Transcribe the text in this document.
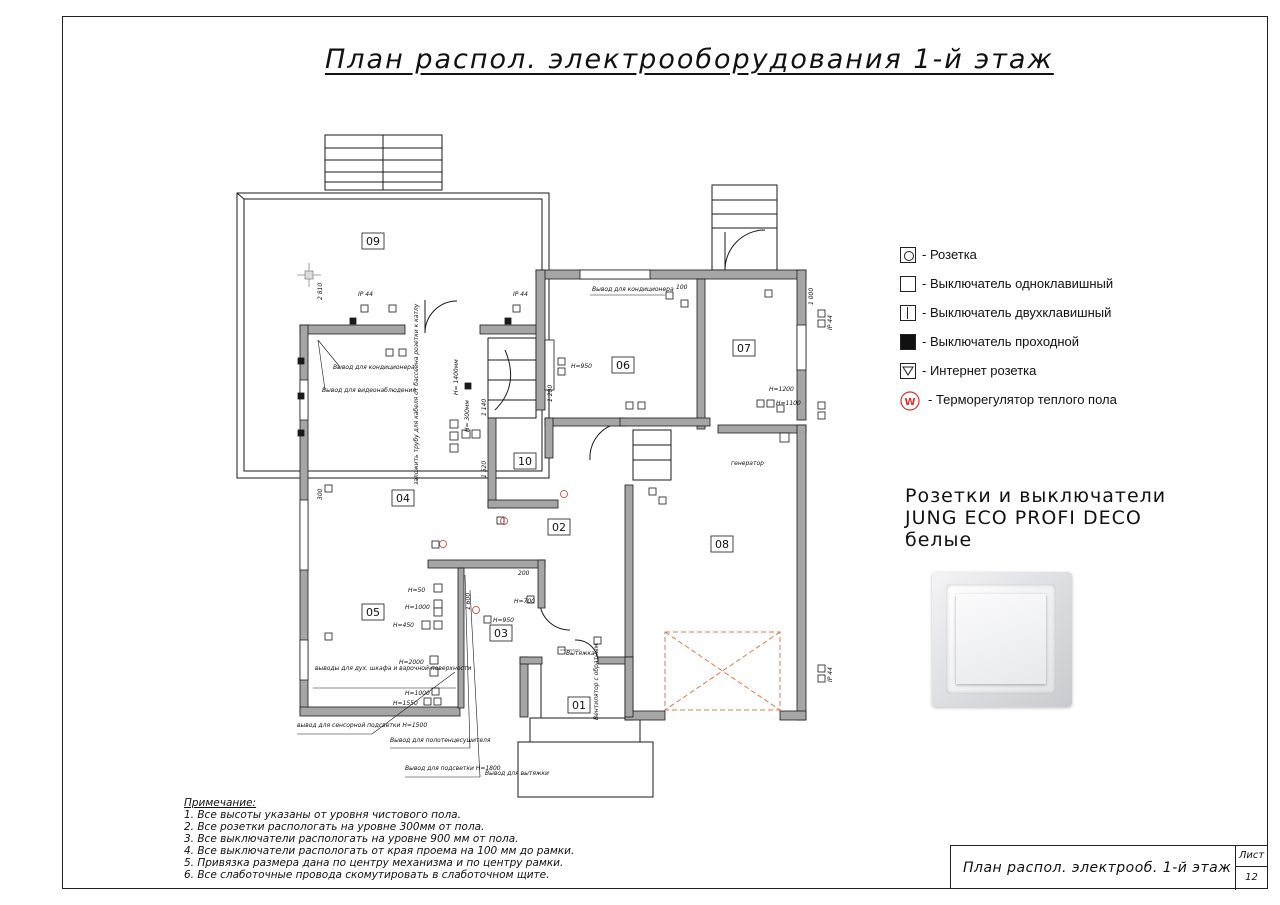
План распол. электрооборудования 1-й этаж
09
06
07
10
04
02
08
05
03
01
Вывод для кондиционера
Вывод для видеонаблюдения
Вывод для кондиционера
IP 44	IP 44
H=950
H=1200
H=1100
генератор
H=50
H=1000
H=450
H=950
H=700
H=2000
H=1000
H=1550
Вытяжка
выводы для дух. шкафа и варочной поверхности
вывод для сенсорной подсветки H=1500
Вывод для полотенцесушителя
Вывод для подсветки H=1800
Вывод для вытяжки
200
100
2 810
1 520
1 140
1 200
1 000
1 600
300
IP 44
IP 44
H= 1400мм
H= 300мм
заложить трубу для кабеля от бассейна розетки к катлу
Вентилятор с обратным
- Розетка
- Выключатель одноклавишный
- Выключатель двухклавишный
- Выключатель проходной
- Интернет розетка
W - Терморегулятор теплого пола
Розетки и выключатели
JUNG ECO PROFI DECO
белые
Примечание:
1. Все высоты указаны от уровня чистового пола.
2. Все розетки распологать на уровне 300мм от пола.
3. Все выключатели распологать на уровне 900 мм от пола.
4. Все выключатели распологать от края проема на 100 мм до рамки.
5. Привязка размера дана по центру механизма и по центру рамки.
6. Все слаботочные провода скомутировать в слаботочном щите.	План распол. электрооб. 1-й этаж
Лист
12
